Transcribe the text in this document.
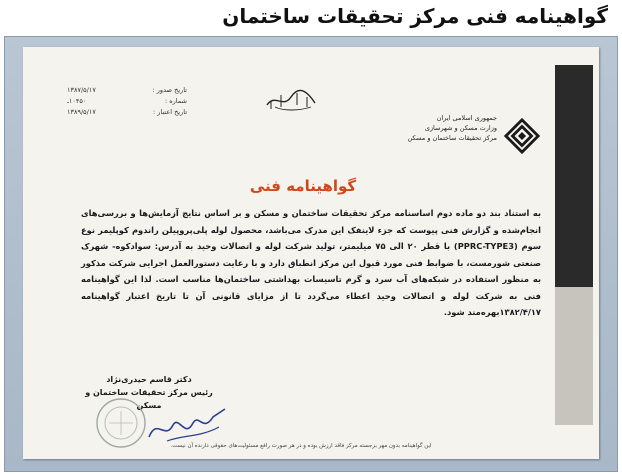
گواهینامه فنی مرکز تحقیقات ساختمان
جمهوری اسلامی ایران
وزارت مسکن و شهرسازی
مرکز تحقیقات ساختمان و مسکن
تاریخ صدور :
۱۳۸۷/۵/۱۷
شماره :
۱۰۴۵۰ـ
تاریخ اعتبار :
۱۳۸۹/۵/۱۷
گواهینامه فنی
به استناد بند دو ماده دوم اساسنامه مرکز تحقیقات ساختمان و مسکن و بر اساس نتایج آزمایش‌ها و بررسی‌های انجام‌شده و گزارش فنی پیوست که جزء لاینفک این مدرک می‌باشد، محصول لوله پلی‌پروپیلن راندوم کوپلیمر نوع سوم (PPRC-TYPE3) با قطر ۲۰ الی ۷۵ میلیمتر، تولید شرکت لوله و اتصالات وحید به آدرس: سوادکوه- شهرک صنعتی شورمست، با ضوابط فنی مورد قبول این مرکز انطباق دارد و با رعایت دستورالعمل اجرایی شرکت مذکور به منظور استفاده در شبکه‌های آب سرد و گرم تاسیسات بهداشتی ساختمان‌ها مناسب است. لذا این گواهینامه فنی به شرکت لوله و اتصالات وحید اعطاء می‌گردد تا از مزایای قانونی آن تا تاریخ اعتبار گواهینامه ۱۳۸۲/۴/۱۷بهره‌مند شود.
دکتر قاسم حیدری‌نژاد
رئیس مرکز تحقیقات ساختمان و مسکن
این گواهینامه بدون مهر برجسته مرکز فاقد ارزش بوده و در هر صورت رافع مسئولیت‌های حقوقی دارنده آن نیست.
